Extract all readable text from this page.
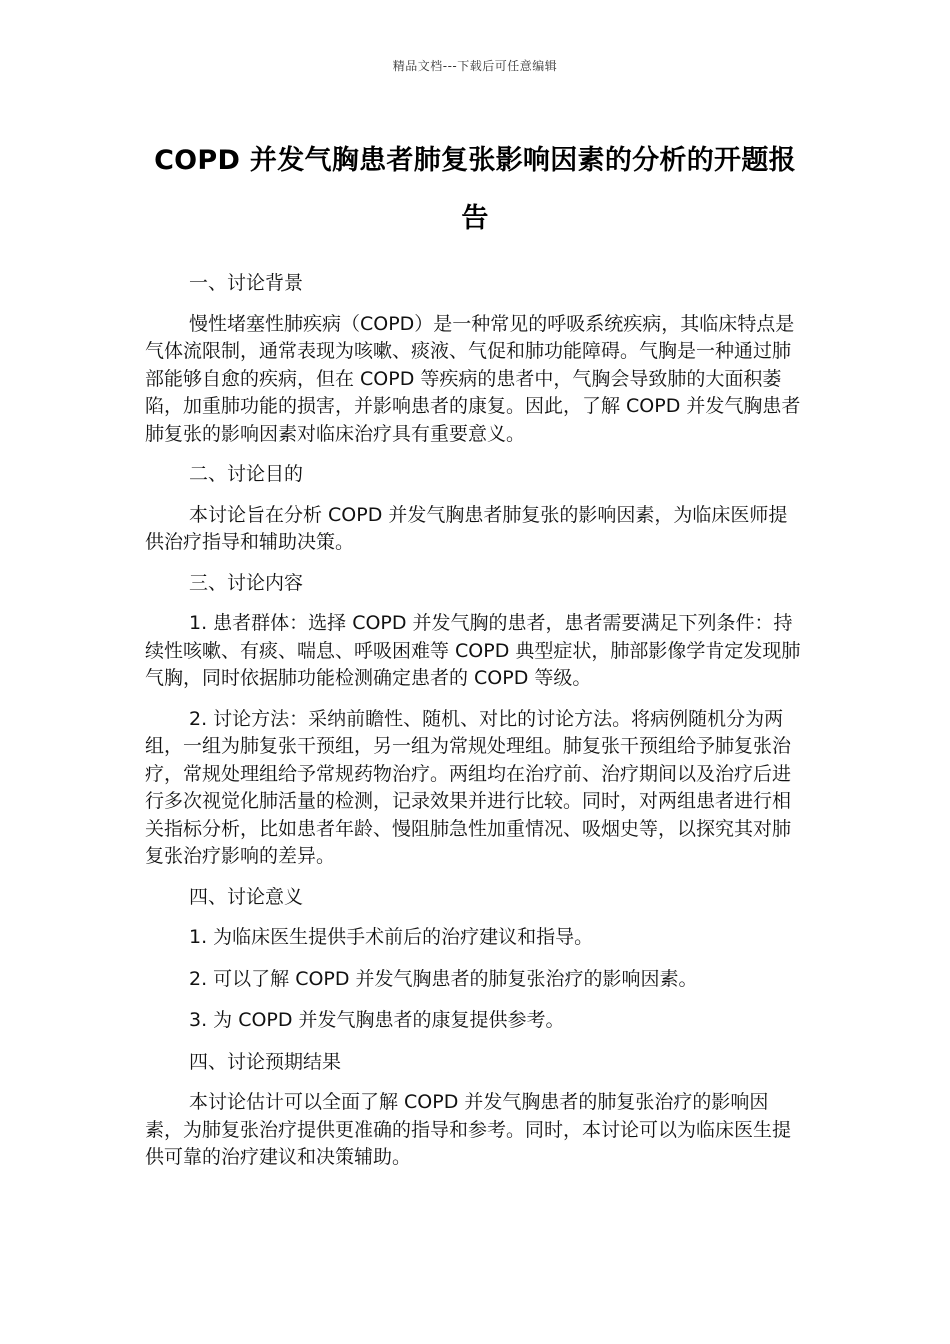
精品文档---下载后可任意编辑
COPD 并发气胸患者肺复张影响因素的分析的开题报告

一、讨论背景

慢性堵塞性肺疾病（COPD）是一种常见的呼吸系统疾病，其临床特点是气体流限制，通常表现为咳嗽、痰液、气促和肺功能障碍。气胸是一种通过肺部能够自愈的疾病，但在 COPD 等疾病的患者中，气胸会导致肺的大面积萎陷，加重肺功能的损害，并影响患者的康复。因此，了解 COPD 并发气胸患者肺复张的影响因素对临床治疗具有重要意义。

二、讨论目的

本讨论旨在分析 COPD 并发气胸患者肺复张的影响因素，为临床医师提供治疗指导和辅助决策。

三、讨论内容

1. 患者群体：选择 COPD 并发气胸的患者，患者需要满足下列条件：持续性咳嗽、有痰、喘息、呼吸困难等 COPD 典型症状，肺部影像学肯定发现肺气胸，同时依据肺功能检测确定患者的 COPD 等级。

2. 讨论方法：采纳前瞻性、随机、对比的讨论方法。将病例随机分为两组，一组为肺复张干预组，另一组为常规处理组。肺复张干预组给予肺复张治疗，常规处理组给予常规药物治疗。两组均在治疗前、治疗期间以及治疗后进行多次视觉化肺活量的检测，记录效果并进行比较。同时，对两组患者进行相关指标分析，比如患者年龄、慢阻肺急性加重情况、吸烟史等，以探究其对肺复张治疗影响的差异。

四、讨论意义

1. 为临床医生提供手术前后的治疗建议和指导。

2. 可以了解 COPD 并发气胸患者的肺复张治疗的影响因素。

3. 为 COPD 并发气胸患者的康复提供参考。

四、讨论预期结果

本讨论估计可以全面了解 COPD 并发气胸患者的肺复张治疗的影响因素，为肺复张治疗提供更准确的指导和参考。同时，本讨论可以为临床医生提供可靠的治疗建议和决策辅助。
